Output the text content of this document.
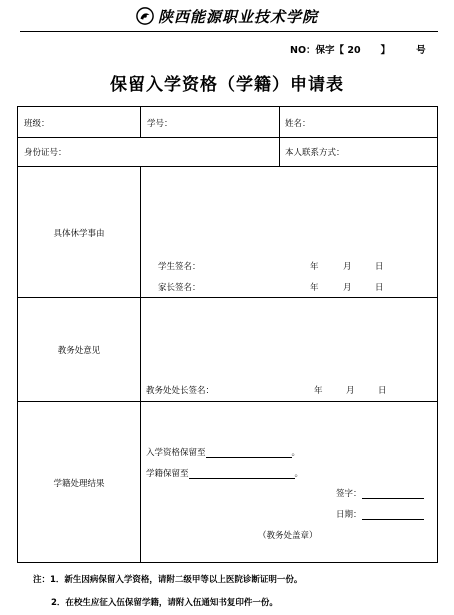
陕西能源职业技术学院
NO：保字【 20 】	号
保留入学资格（学籍）申请表
班级：	学号：	姓名：
身份证号：	本人联系方式：
具体休学事由
学生签名：	年	月	日
家长签名：	年	月	日
教务处意见
教务处处长签名：	年	月	日
学籍处理结果
入学资格保留至	。
学籍保留至	。
签字：
日期：
（教务处盖章）
注：1．新生因病保留入学资格，请附二级甲等以上医院诊断证明一份。
2．在校生应征入伍保留学籍，请附入伍通知书复印件一份。
